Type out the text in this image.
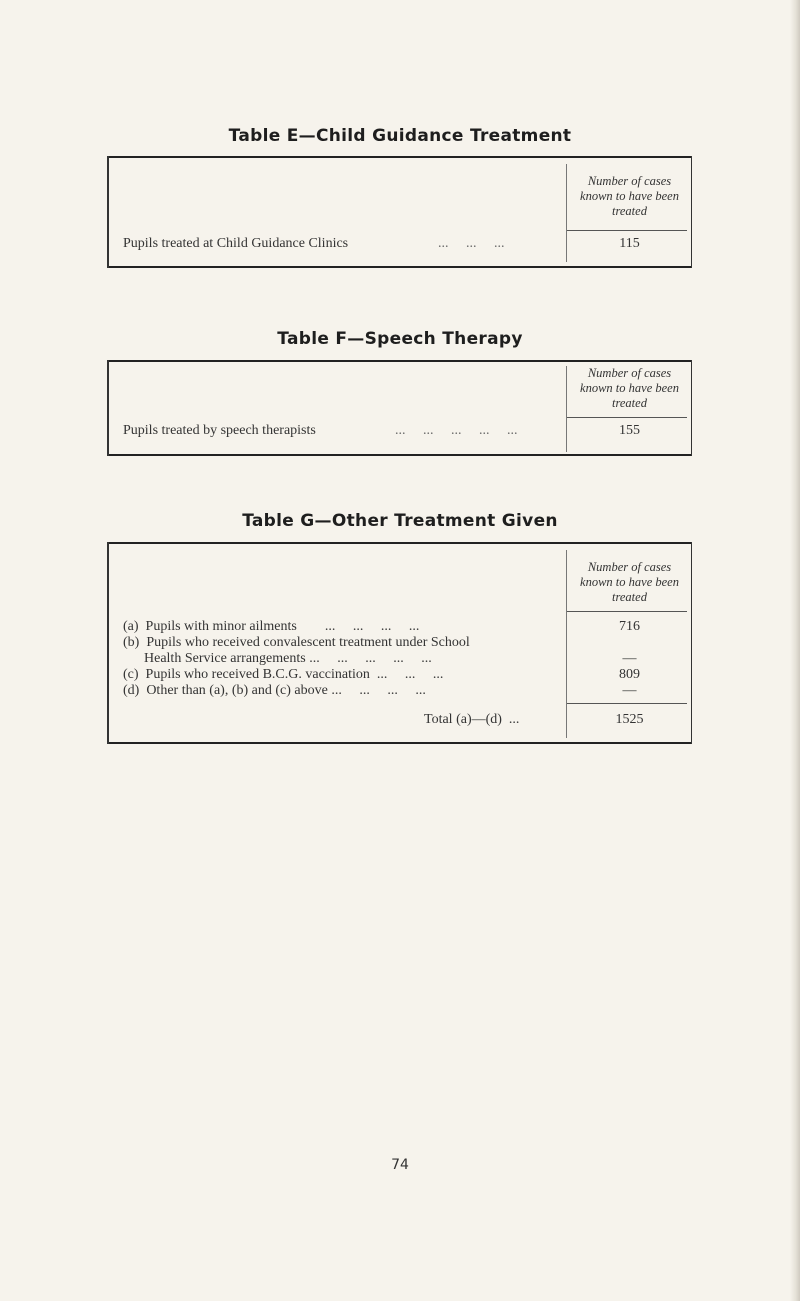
Table E—Child Guidance Treatment
Number of cases
known to have been
treated
Pupils treated at Child Guidance Clinics	...     ...     ...	115
Table F—Speech Therapy
Number of cases
known to have been
treated
Pupils treated by speech therapists	...     ...     ...     ...     ...	155
Table G—Other Treatment Given
Number of cases
known to have been
treated
(a)  Pupils with minor ailments        ...     ...     ...     ...	716
(b)  Pupils who received convalescent treatment under School
Health Service arrangements ...     ...     ...     ...     ...	—
(c)  Pupils who received B.C.G. vaccination  ...     ...     ...	809
(d)  Other than (a), (b) and (c) above ...     ...     ...     ...	—
Total (a)—(d)  ...	1525
74
